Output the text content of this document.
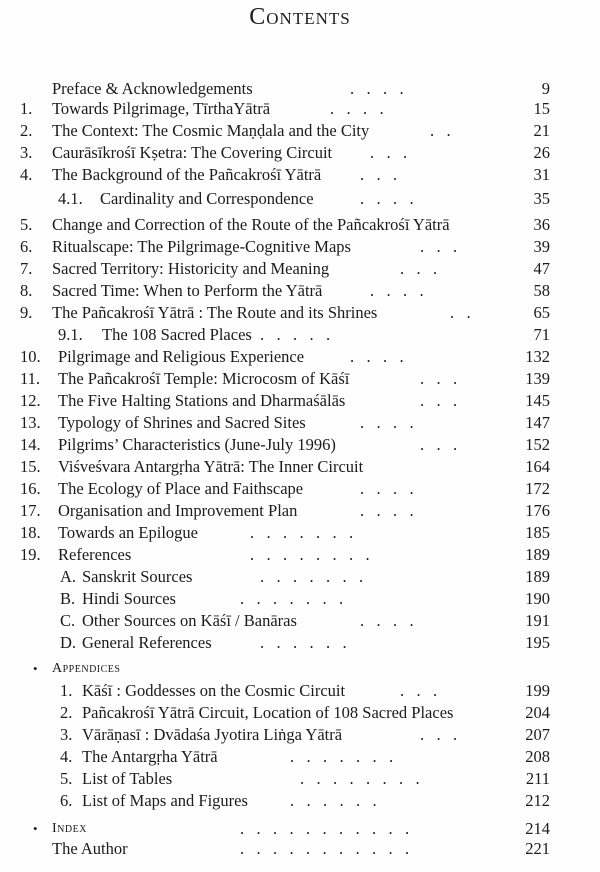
Contents
Preface & Acknowledgements	.   .   .   .	9
1. Towards Pilgrimage, TīrthaYātrā	.   .   .   .	15
2. The Context: The Cosmic Maṇḍala and the City	.   .	21
3. Caurāsīkrośī Kṣetra: The Covering Circuit .   .   .	26
4. The Background of the Pañcakrośī Yātrā .   .   .	31
4.1. Cardinality and Correspondence	.   .   .   .	35
5. Change and Correction of the Route of the Pañcakrośī Yātrā	36
6. Ritualscape: The Pilgrimage-Cognitive Maps	.   .   .	39
7. Sacred Territory: Historicity and Meaning	.   .   .	47
8. Sacred Time: When to Perform the Yātrā	.   .   .   .	58
9. The Pañcakrośī Yātrā : The Route and its Shrines	.   .	65
9.1. The 108 Sacred Places .   .   .   .   .	71
10. Pilgrimage and Religious Experience	.   .   .   .	132
11. The Pañcakrośī Temple: Microcosm of Kāśī	.   .   .	139
12. The Five Halting Stations and Dharmaśālās	.   .   .	145
13. Typology of Shrines and Sacred Sites	.   .   .   .	147
14. Pilgrims’ Characteristics (June-July 1996)	.   .   .	152
15. Viśveśvara Antargṛha Yātrā: The Inner Circuit	164
16. The Ecology of Place and Faithscape	.   .   .   .	172
17. Organisation and Improvement Plan	.   .   .   .	176
18. Towards an Epilogue	.   .   .   .   .   .   .	185
19. References	.   .   .   .   .   .   .   .	189
A. Sanskrit Sources	.   .   .   .   .   .   .	189
B. Hindi Sources	.   .   .   .   .   .   .	190
C. Other Sources on Kāśī / Banāras	.   .   .   .	191
D. General References	.   .   .   .   .   .	195
• Appendices
1. Kāśī : Goddesses on the Cosmic Circuit	.   .   .	199
2. Pañcakrośī Yātrā Circuit, Location of 108 Sacred Places	204
3. Vārāṇasī : Dvādaśa Jyotira Liṅga Yātrā	.   .   .	207
4. The Antargṛha Yātrā	.   .   .   .   .   .   .	208
5. List of Tables	.   .   .   .   .   .   .   .	211
6. List of Maps and Figures	.   .   .   .   .   .	212
• Index	.   .   .   .   .   .   .   .   .   .   .	214
The Author	.   .   .   .   .   .   .   .   .   .   .	221
